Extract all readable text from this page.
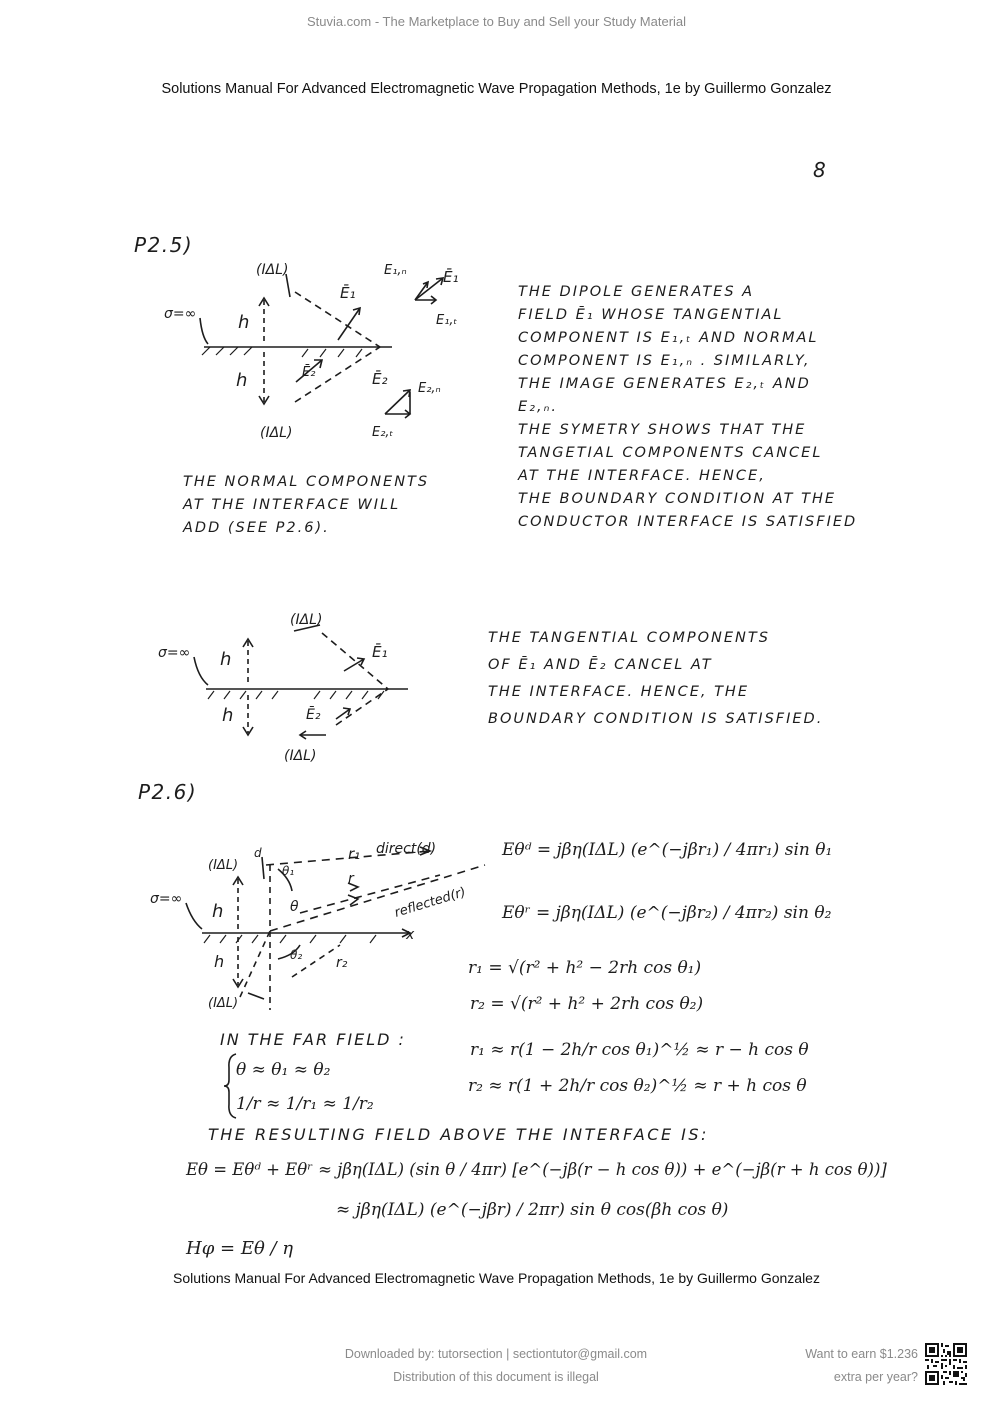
Stuvia.com - The Marketplace to Buy and Sell your Study Material
Solutions Manual For Advanced Electromagnetic Wave Propagation Methods, 1e by Guillermo Gonzalez
8
P2.5)
(IΔL)
(IΔL)
σ=∞ h
h
Ē₁
E₁,ₙ Ē₁
E₁,ₜ
Ē₂
E₂,ₙ
E₂,ₜ
Ē₂
THE DIPOLE GENERATES A
FIELD Ē₁ WHOSE TANGENTIAL
COMPONENT IS E₁,ₜ AND NORMAL
COMPONENT IS E₁,ₙ . SIMILARLY,
THE IMAGE GENERATES E₂,ₜ AND
E₂,ₙ.
THE SYMETRY SHOWS THAT THE
TANGETIAL COMPONENTS CANCEL
AT THE INTERFACE. HENCE,
THE BOUNDARY CONDITION AT THE
CONDUCTOR INTERFACE IS SATISFIED
THE NORMAL COMPONENTS
AT THE INTERFACE WILL
ADD (SEE P2.6).
(IΔL)
(IΔL)
σ=∞ h
h
Ē₁
Ē₂
THE TANGENTIAL COMPONENTS
OF Ē₁ AND Ē₂ CANCEL AT
THE INTERFACE. HENCE, THE
BOUNDARY CONDITION IS SATISFIED.
P2.6)
(IΔL)
d
(IΔL)
σ=∞
h
h
r₁ direct(d)
r
reflected(r)
x
r₂
θ
θ₁
θ₂
Eθᵈ = jβη(IΔL) (e^(−jβr₁) / 4πr₁) sin θ₁
Eθʳ = jβη(IΔL) (e^(−jβr₂) / 4πr₂) sin θ₂
r₁ = √(r² + h² − 2rh cos θ₁)
r₂ = √(r² + h² + 2rh cos θ₂)
IN THE FAR FIELD :
θ ≈ θ₁ ≈ θ₂
1/r ≈ 1/r₁ ≈ 1/r₂
r₁ ≈ r(1 − 2h/r cos θ₁)^½ ≈ r − h cos θ
r₂ ≈ r(1 + 2h/r cos θ₂)^½ ≈ r + h cos θ
THE RESULTING FIELD ABOVE THE INTERFACE IS:
Eθ = Eθᵈ + Eθʳ ≈ jβη(IΔL) (sin θ / 4πr) [e^(−jβ(r − h cos θ)) + e^(−jβ(r + h cos θ))]
≈ jβη(IΔL) (e^(−jβr) / 2πr) sin θ cos(βh cos θ)
Hφ = Eθ / η
Solutions Manual For Advanced Electromagnetic Wave Propagation Methods, 1e by Guillermo Gonzalez
Downloaded by: tutorsection | sectiontutor@gmail.com
Distribution of this document is illegal
Want to earn $1.236
extra per year?
